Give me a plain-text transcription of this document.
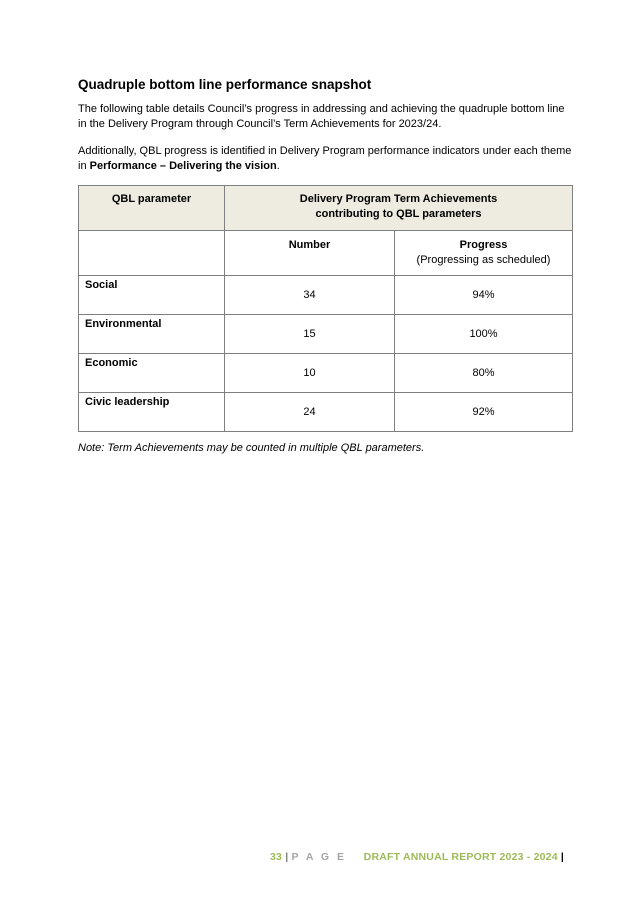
Quadruple bottom line performance snapshot

The following table details Council’s progress in addressing and achieving the quadruple bottom line in the Delivery Program through Council’s Term Achievements for 2023/24.

Additionally, QBL progress is identified in Delivery Program performance indicators under each theme in Performance – Delivering the vision.

QBL parameter	Delivery Program Term Achievements
contributing to QBL parameters	

	Number	Progress
(Progressing as scheduled)

Social	34	94%
Environmental	15	100%
Economic	10	80%
Civic leadership	24	92%
Note: Term Achievements may be counted in multiple QBL parameters.
33 | P A G E DRAFT ANNUAL REPORT 2023 - 2024 |
